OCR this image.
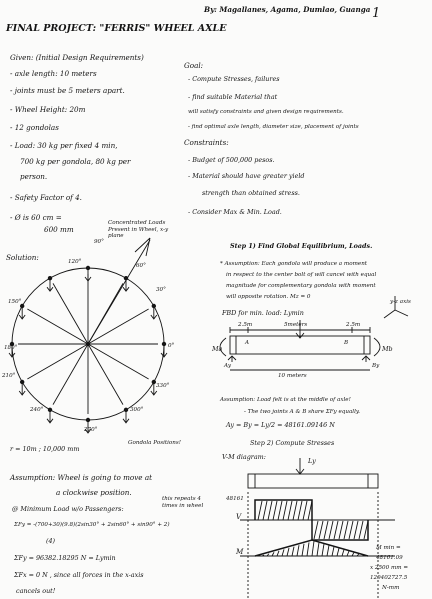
FINAL PROJECT: "FERRIS" WHEEL AXLE
By: Magallanes, Agama, Dumlao, Guanga 1
Given: (Initial Design Requirements)
- axle length: 10 meters
- joints must be 5 meters apart.
- Wheel Height: 20m
- 12 gondolas
- Load: 30 kg per fixed 4 min,
700 kg per gondola, 80 kg per
person.
- Safety Factor of 4.
- Ø is 60 cm =
600 mm
Goal:
- Compute Stresses, failures
- find suitable Material that
will satisfy constraints and given design requirements.
- find optimal axle length, diameter size, placement of joints
Constraints:
- Budget of 500,000 pesos.
- Material should have greater yield
strength than obtained stress.
- Consider Max & Min. Load.
Concentrated Loads Present in Wheel, x-y plane
Solution:	120°
90°
60°
30°
0°
330°
300°
270°
240°
210°
180°
150°
r = 10m ; 10,000 mm
Gondola Positions!
Assumption: Wheel is going to move at
a clockwise position.
this repeats 4 times in wheel
@ Minimum Load w/o Passengers:
ΣFy = -(700+30)(9.8)(2sin30° + 2sin60° + sin90° + 2)
(4)
ΣFy = 96382.18295 N = Lymin
ΣFx = 0 N , since all forces in the x-axis
cancels out!
Step 1) Find Global Equilibrium, Loads.
* Assumption: Each gondola will produce a moment
in respect to the center bolt of will cancel with equal
magnitude for complementary gondola with moment
will opposite rotation. Mz = 0
y-z axis
FBD for min. load: Lymin
Ma	Mb
A	B
2.5m	5meters	2.5m
10 meters
Ay	By
Assumption: Load felt is at the middle of axle!
- The two joints A & B share ΣFy equally.
Ay = By = Ly/2 = 48161.09146 N
Step 2) Compute Stresses
V-M diagram:	Ly
48161
V
M	M min =
48161.09
x 2500 mm =
120402727.5
N-mm
